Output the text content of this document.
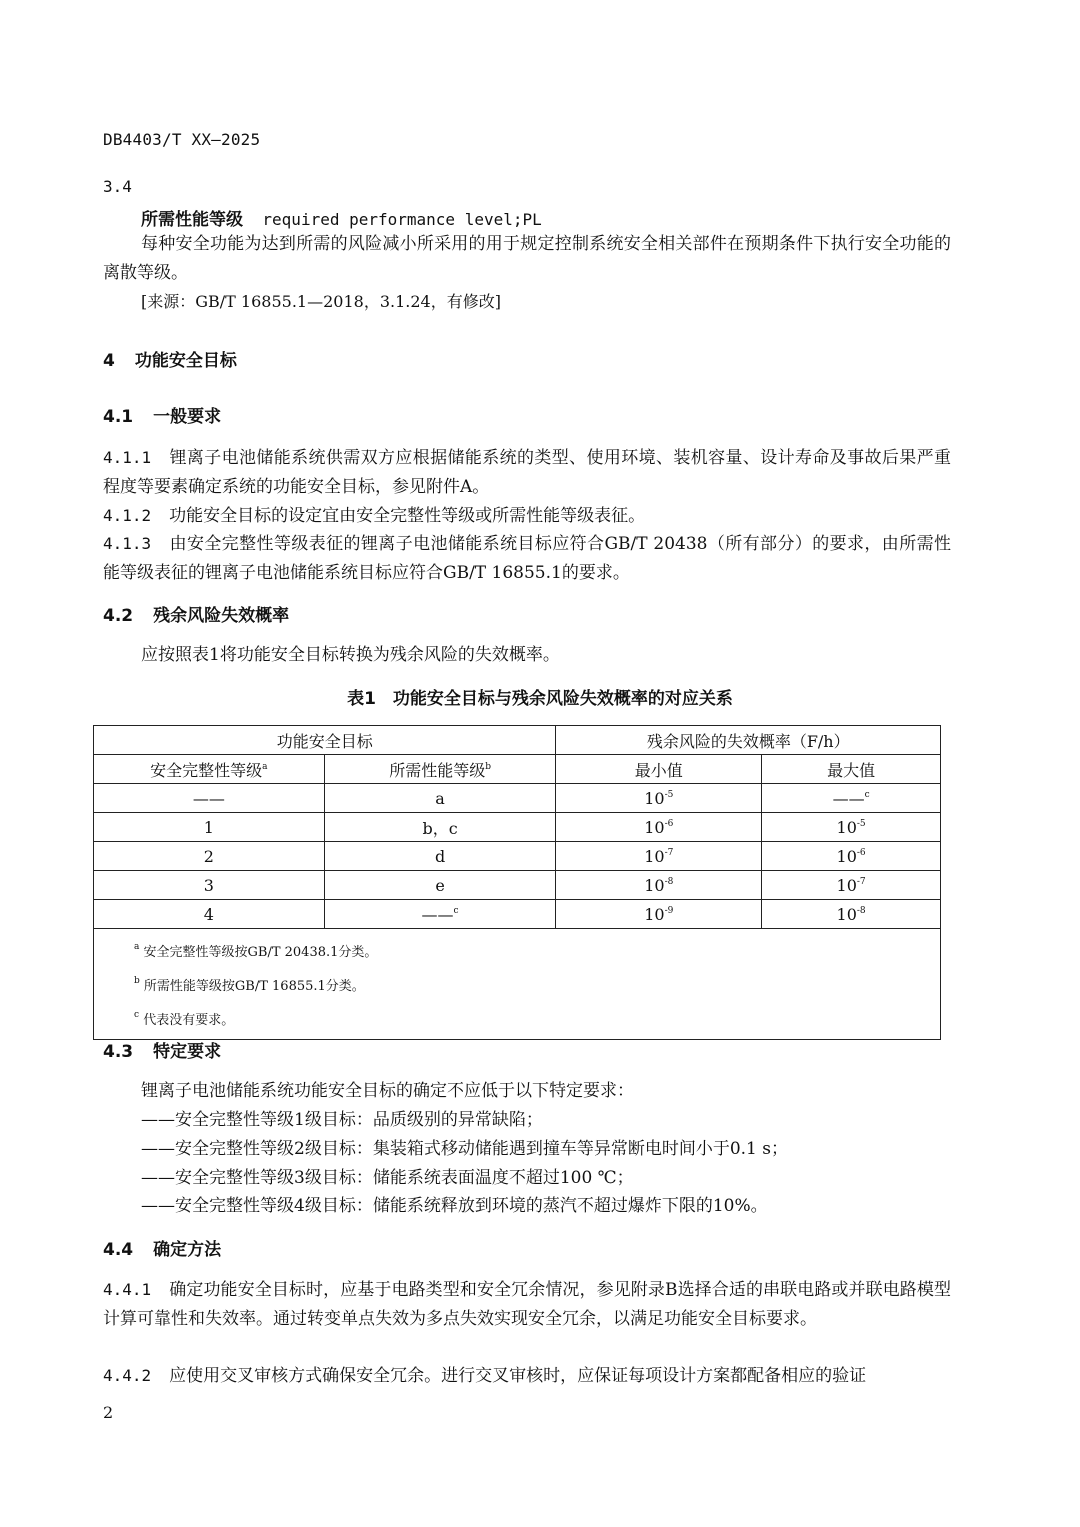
DB4403/T XX—2025
3.4
所需性能等级 required performance level;PL
每种安全功能为达到所需的风险减小所采用的用于规定控制系统安全相关部件在预期条件下执行安全功能的离散等级。
[来源：GB/T 16855.1—2018，3.1.24，有修改]
4 功能安全目标
4.1 一般要求
4.1.1 锂离子电池储能系统供需双方应根据储能系统的类型、使用环境、装机容量、设计寿命及事故后果严重程度等要素确定系统的功能安全目标，参见附件A。
4.1.2 功能安全目标的设定宜由安全完整性等级或所需性能等级表征。
4.1.3 由安全完整性等级表征的锂离子电池储能系统目标应符合GB/T 20438（所有部分）的要求，由所需性能等级表征的锂离子电池储能系统目标应符合GB/T 16855.1的要求。
4.2 残余风险失效概率
应按照表1将功能安全目标转换为残余风险的失效概率。
表1　功能安全目标与残余风险失效概率的对应关系
功能安全目标		残余风险的失效概率（F/h）	
安全完整性等级$^a$	所需性能等级$^b$	最小值	最大值
——	a	$10^{-5}$	——$^c$
1	b，c	$10^{-6}$	$10^{-5}$
2	d	$10^{-7}$	$10^{-6}$
3	e	$10^{-8}$	$10^{-7}$
4	——$^c$	$10^{-9}$	$10^{-8}$

$^a$ 安全完整性等级按GB/T 20438.1分类。
$^b$ 所需性能等级按GB/T 16855.1分类。
$^c$ 代表没有要求。			
4.3 特定要求
锂离子电池储能系统功能安全目标的确定不应低于以下特定要求：
——安全完整性等级1级目标：品质级别的异常缺陷；
——安全完整性等级2级目标：集装箱式移动储能遇到撞车等异常断电时间小于0.1 s；
——安全完整性等级3级目标：储能系统表面温度不超过100 ℃；
——安全完整性等级4级目标：储能系统释放到环境的蒸汽不超过爆炸下限的10%。
4.4 确定方法
4.4.1 确定功能安全目标时，应基于电路类型和安全冗余情况，参见附录B选择合适的串联电路或并联电路模型计算可靠性和失效率。通过转变单点失效为多点失效实现安全冗余，以满足功能安全目标要求。
4.4.2 应使用交叉审核方式确保安全冗余。进行交叉审核时，应保证每项设计方案都配备相应的验证
2
